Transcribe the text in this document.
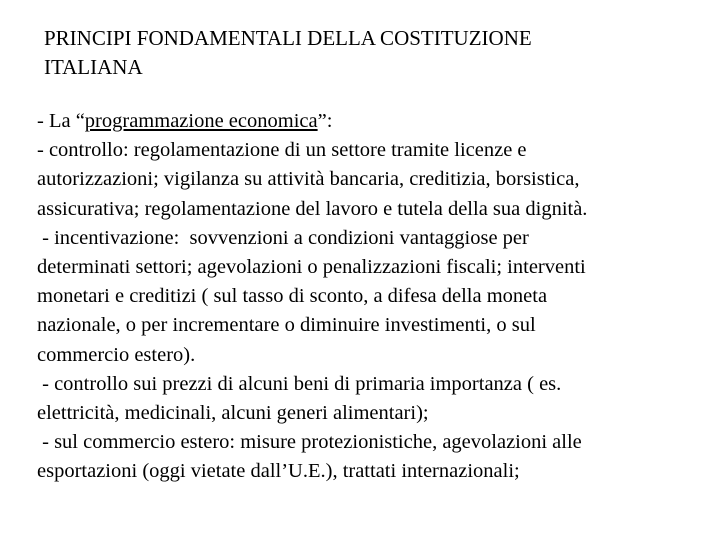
PRINCIPI FONDAMENTALI DELLA COSTITUZIONE
ITALIANA
- La “programmazione economica”:
- controllo: regolamentazione di un settore tramite licenze e
autorizzazioni; vigilanza su attività bancaria, creditizia, borsistica,
assicurativa; regolamentazione del lavoro e tutela della sua dignità.
- incentivazione:  sovvenzioni a condizioni vantaggiose per
determinati settori; agevolazioni o penalizzazioni fiscali; interventi
monetari e creditizi ( sul tasso di sconto, a difesa della moneta
nazionale, o per incrementare o diminuire investimenti, o sul
commercio estero).
- controllo sui prezzi di alcuni beni di primaria importanza ( es.
elettricità, medicinali, alcuni generi alimentari);
- sul commercio estero: misure protezionistiche, agevolazioni alle
esportazioni (oggi vietate dall’U.E.), trattati internazionali;
